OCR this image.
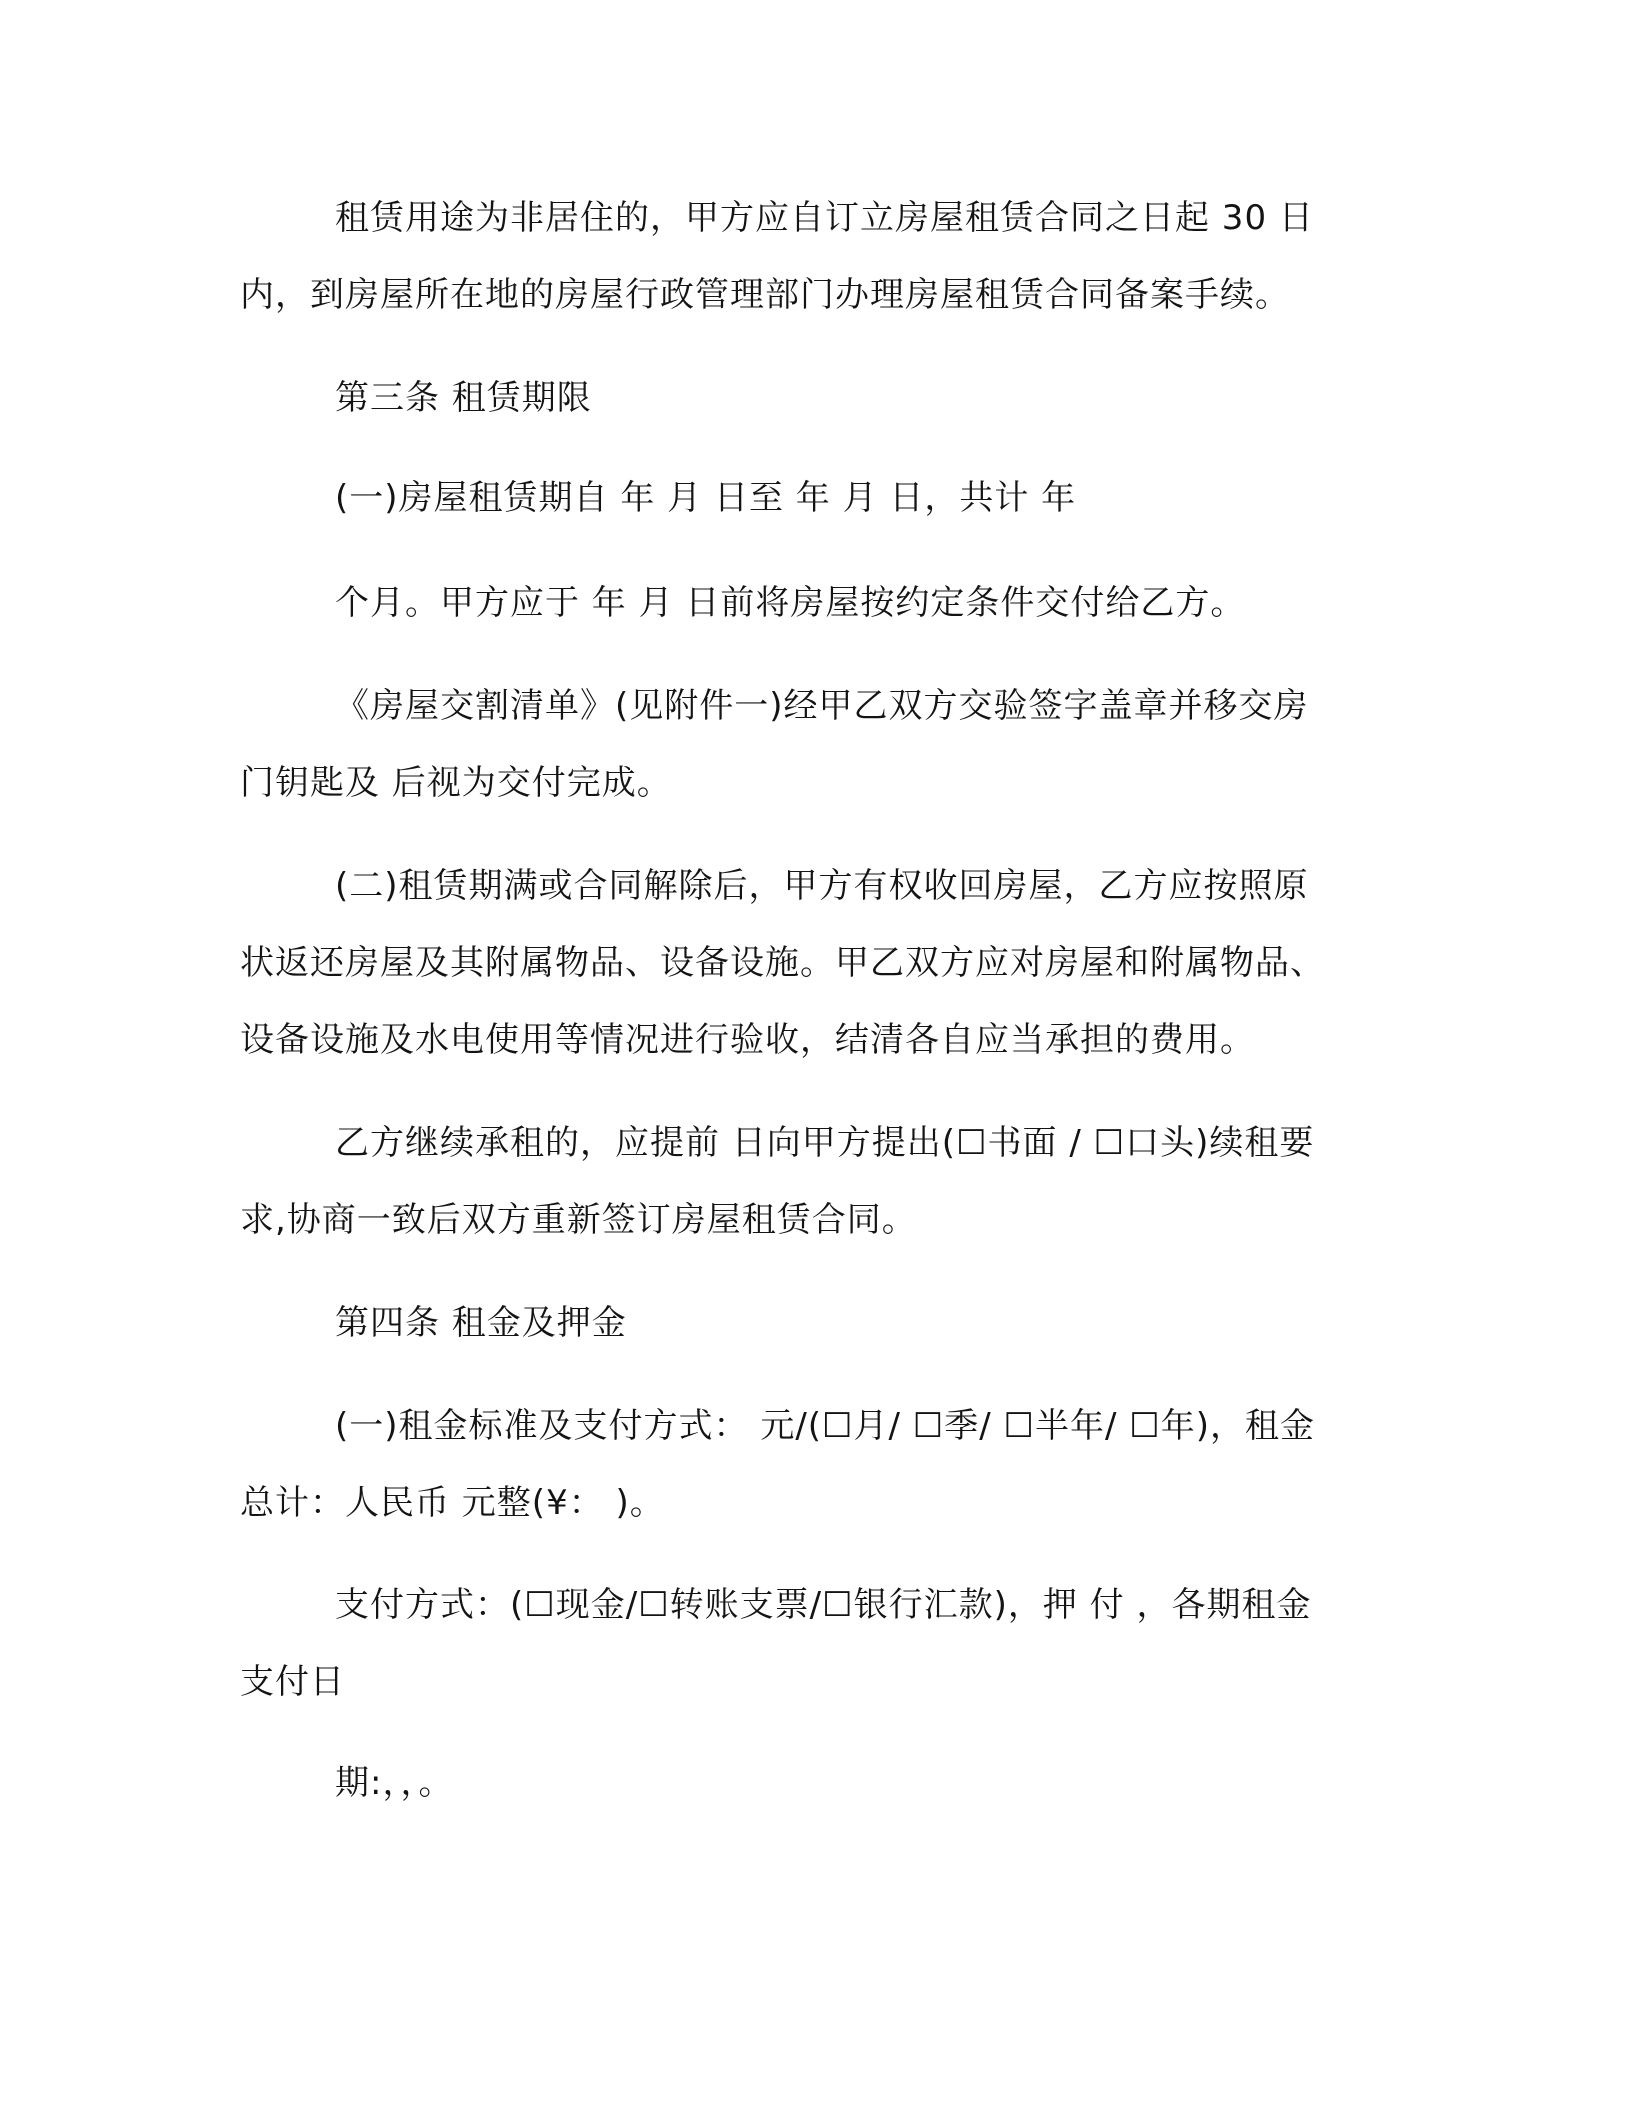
租赁用途为非居住的，甲方应自订立房屋租赁合同之日起 30 日
内，到房屋所在地的房屋行政管理部门办理房屋租赁合同备案手续。
第三条 租赁期限
(一)房屋租赁期自 年 月 日至 年 月 日，共计 年
个月。甲方应于 年 月 日前将房屋按约定条件交付给乙方。
《房屋交割清单》(见附件一)经甲乙双方交验签字盖章并移交房
门钥匙及 后视为交付完成。
(二)租赁期满或合同解除后，甲方有权收回房屋，乙方应按照原
状返还房屋及其附属物品、设备设施。甲乙双方应对房屋和附属物品、
设备设施及水电使用等情况进行验收，结清各自应当承担的费用。
乙方继续承租的，应提前 日向甲方提出(☐书面 / ☐口头)续租要
求,协商一致后双方重新签订房屋租赁合同。
第四条 租金及押金
(一)租金标准及支付方式： 元/(☐月/ ☐季/ ☐半年/ ☐年)，租金
总计：人民币 元整(¥： )。
支付方式：(☐现金/☐转账支票/☐银行汇款)，押 付 ，各期租金
支付日
期:，，。
